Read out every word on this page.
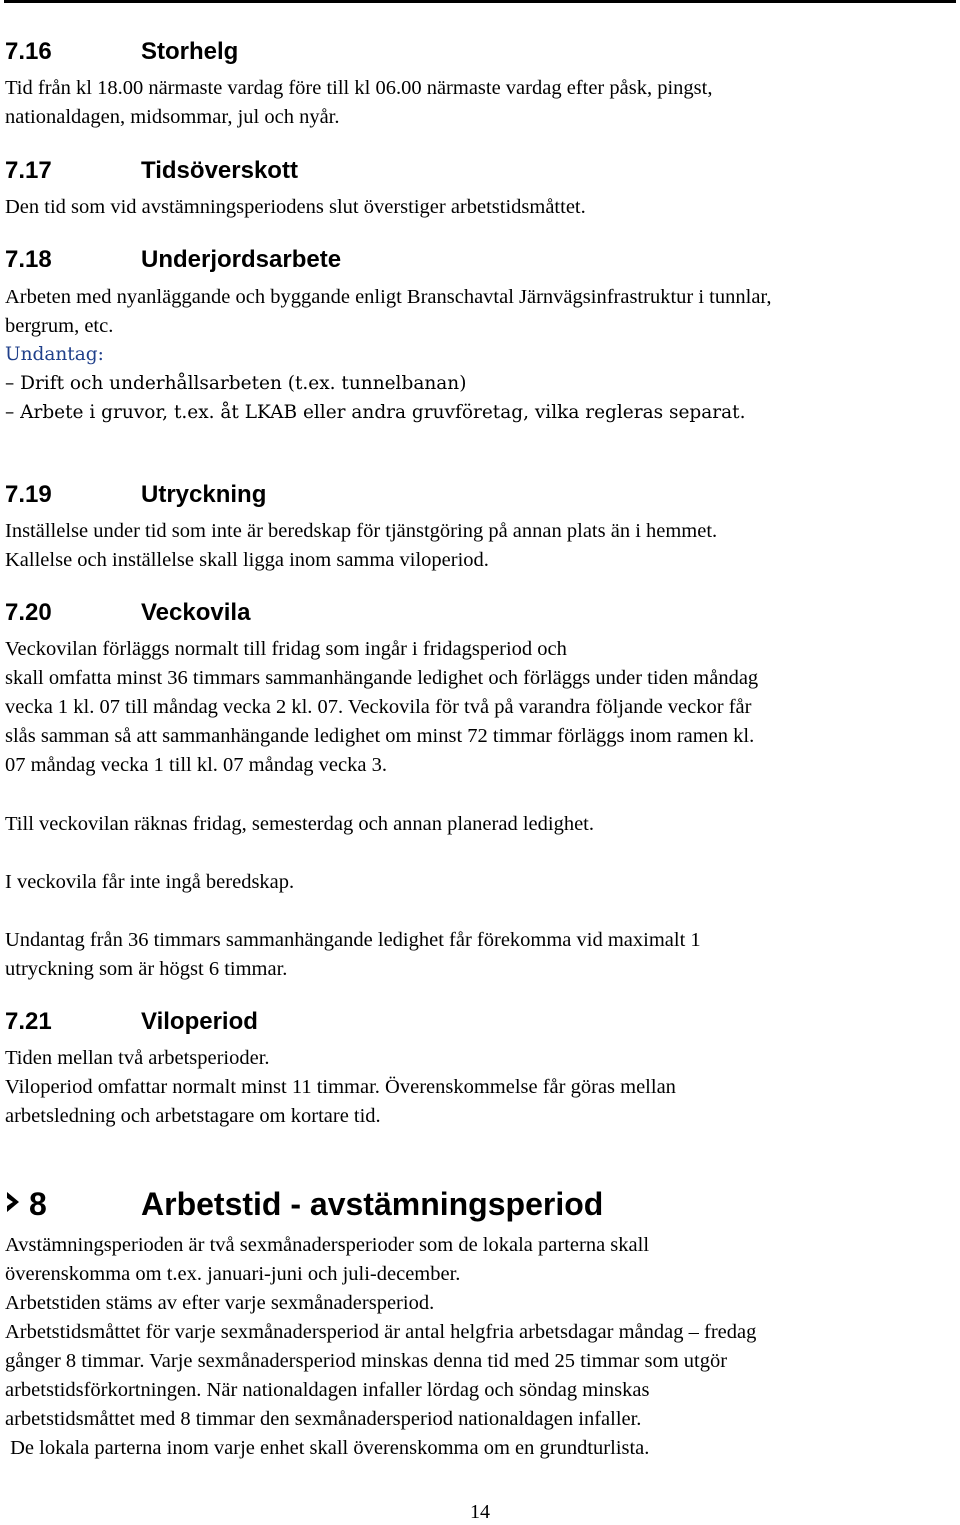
7.16	Storhelg
Tid från kl 18.00 närmaste vardag före till kl 06.00 närmaste vardag efter påsk, pingst,
nationaldagen, midsommar, jul och nyår.
7.17	Tidsöverskott
Den tid som vid avstämningsperiodens slut överstiger arbetstidsmåttet.
7.18	Underjordsarbete
Arbeten med nyanläggande och byggande enligt Branschavtal Järnvägsinfrastruktur i tunnlar,
bergrum, etc.
Undantag:
– Drift och underhållsarbeten (t.ex. tunnelbanan)
– Arbete i gruvor, t.ex. åt LKAB eller andra gruvföretag, vilka regleras separat.
7.19	Utryckning
Inställelse under tid som inte är beredskap för tjänstgöring på annan plats än i hemmet.
Kallelse och inställelse skall ligga inom samma viloperiod.
7.20	Veckovila
Veckovilan förläggs normalt till fridag som ingår i fridagsperiod och
skall omfatta minst 36 timmars sammanhängande ledighet och förläggs under tiden måndag
vecka 1 kl. 07 till måndag vecka 2 kl. 07. Veckovila för två på varandra följande veckor får
slås samman så att sammanhängande ledighet om minst 72 timmar förläggs inom ramen kl.
07 måndag vecka 1 till kl. 07 måndag vecka 3.
Till veckovilan räknas fridag, semesterdag och annan planerad ledighet.
I veckovila får inte ingå beredskap.
Undantag från 36 timmars sammanhängande ledighet får förekomma vid maximalt 1
utryckning som är högst 6 timmar.
7.21	Viloperiod
Tiden mellan två arbetsperioder.
Viloperiod omfattar normalt minst 11 timmar. Överenskommelse får göras mellan
arbetsledning och arbetstagare om kortare tid.
8	Arbetstid - avstämningsperiod
Avstämningsperioden är två sexmånadersperioder som de lokala parterna skall
överenskomma om t.ex. januari-juni och juli-december.
Arbetstiden stäms av efter varje sexmånadersperiod.
Arbetstidsmåttet för varje sexmånadersperiod är antal helgfria arbetsdagar måndag – fredag
gånger 8 timmar. Varje sexmånadersperiod minskas denna tid med 25 timmar som utgör
arbetstidsförkortningen. När nationaldagen infaller lördag och söndag minskas
arbetstidsmåttet med 8 timmar den sexmånadersperiod nationaldagen infaller.
De lokala parterna inom varje enhet skall överenskomma om en grundturlista.
14
